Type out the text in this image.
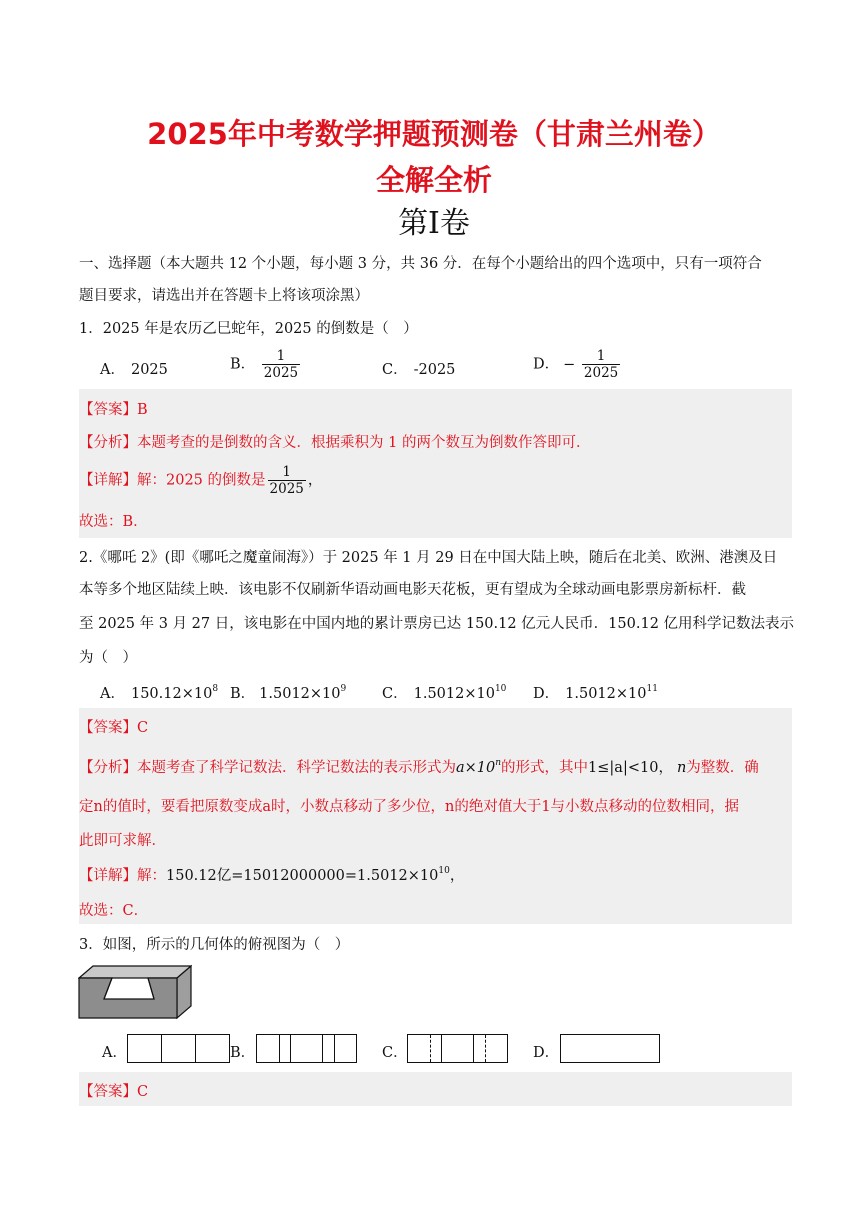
2025年中考数学押题预测卷（甘肃兰州卷）
全解全析
第I卷
一、选择题（本大题共 12 个小题，每小题 3 分，共 36 分．在每个小题给出的四个选项中，只有一项符合
题目要求，请选出并在答题卡上将该项涂黑）
1．2025 年是农历乙巳蛇年，2025 的倒数是（　）
A． 2025	B． $\frac{1}{2025}$	C． -2025	D． − $\frac{1}{2025}$
【答案】B
【分析】本题考查的是倒数的含义．根据乘积为 1 的两个数互为倒数作答即可．
【详解】解：2025 的倒数是 $\frac{1}{2025}$ ，
故选：B．
2.《哪吒 2》(即《哪吒之魔童闹海》）于 2025 年 1 月 29 日在中国大陆上映，随后在北美、欧洲、港澳及日
本等多个地区陆续上映．该电影不仅刷新华语动画电影天花板，更有望成为全球动画电影票房新标杆．截
至 2025 年 3 月 27 日，该电影在中国内地的累计票房已达 150.12 亿元人民币．150.12 亿用科学记数法表示
为（　）
A． $150.12\times 10^8$ B． $1.5012\times 10^9$ C． $1.5012\times 10^{10}$ D． $1.5012\times 10^{11}$
【答案】C
【分析】本题考查了科学记数法．科学记数法的表示形式为$a\times 10^n$的形式，其中1≤|a|<10， n为整数．确
定n的值时，要看把原数变成a时，小数点移动了多少位，n的绝对值大于1与小数点移动的位数相同，据
此即可求解．
【详解】解：150.12亿$=15012000000=1.5012\times 10^{10}$，
故选：C．
3．如图，所示的几何体的俯视图为（　）
A．	B．	C．	D．
【答案】C
